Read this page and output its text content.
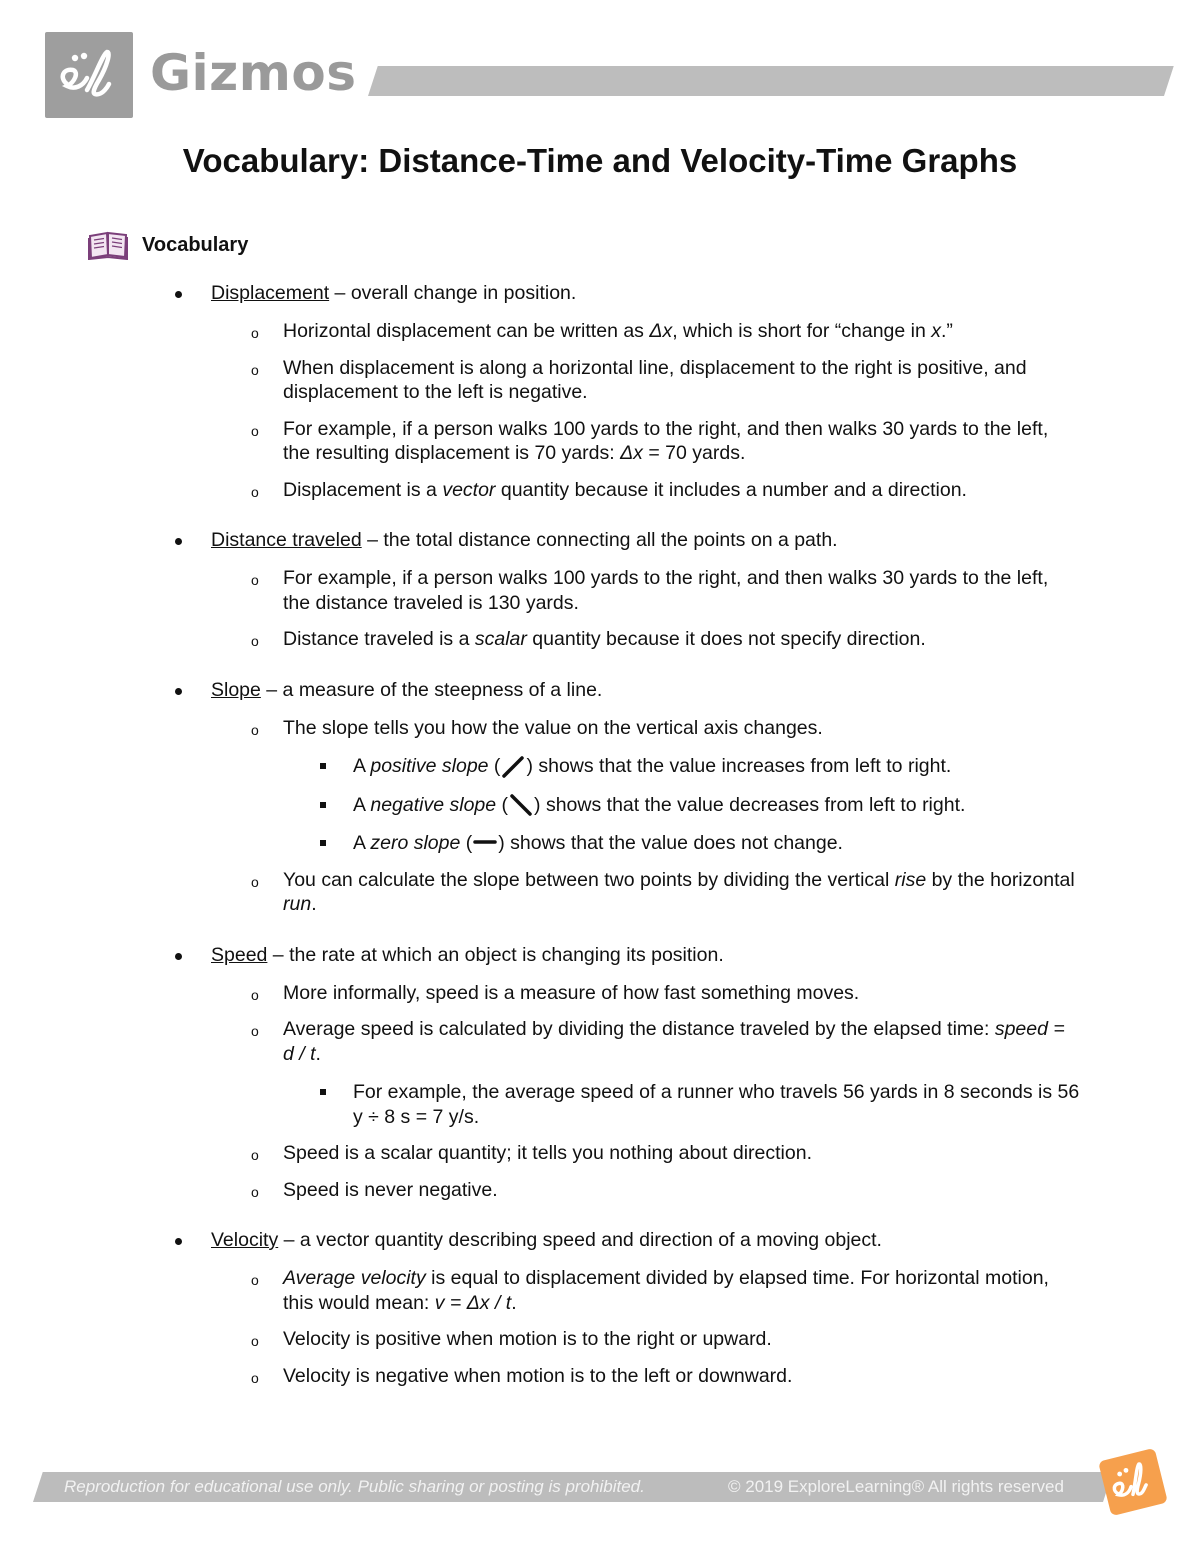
Gizmos
Vocabulary: Distance-Time and Velocity-Time Graphs
Vocabulary
Displacement – overall change in position.
o Horizontal displacement can be written as Δx, which is short for “change in x.”
o When displacement is along a horizontal line, displacement to the right is positive, and displacement to the left is negative.
o For example, if a person walks 100 yards to the right, and then walks 30 yards to the left, the resulting displacement is 70 yards: Δx = 70 yards.
o Displacement is a vector quantity because it includes a number and a direction.
Distance traveled – the total distance connecting all the points on a path.
o For example, if a person walks 100 yards to the right, and then walks 30 yards to the left, the distance traveled is 130 yards.
o Distance traveled is a scalar quantity because it does not specify direction.
Slope – a measure of the steepness of a line.
o The slope tells you how the value on the vertical axis changes.
A positive slope ( ) shows that the value increases from left to right.
A negative slope ( ) shows that the value decreases from left to right.
A zero slope ( ) shows that the value does not change.
o You can calculate the slope between two points by dividing the vertical rise by the horizontal run.
Speed – the rate at which an object is changing its position.
o More informally, speed is a measure of how fast something moves.
o Average speed is calculated by dividing the distance traveled by the elapsed time: speed = d / t.
For example, the average speed of a runner who travels 56 yards in 8 seconds is 56 y ÷ 8 s = 7 y/s.
o Speed is a scalar quantity; it tells you nothing about direction.
o Speed is never negative.
Velocity – a vector quantity describing speed and direction of a moving object.
o Average velocity is equal to displacement divided by elapsed time. For horizontal motion, this would mean: v = Δx / t.
o Velocity is positive when motion is to the right or upward.
o Velocity is negative when motion is to the left or downward.
Reproduction for educational use only. Public sharing or posting is prohibited.	© 2019 ExploreLearning® All rights reserved
